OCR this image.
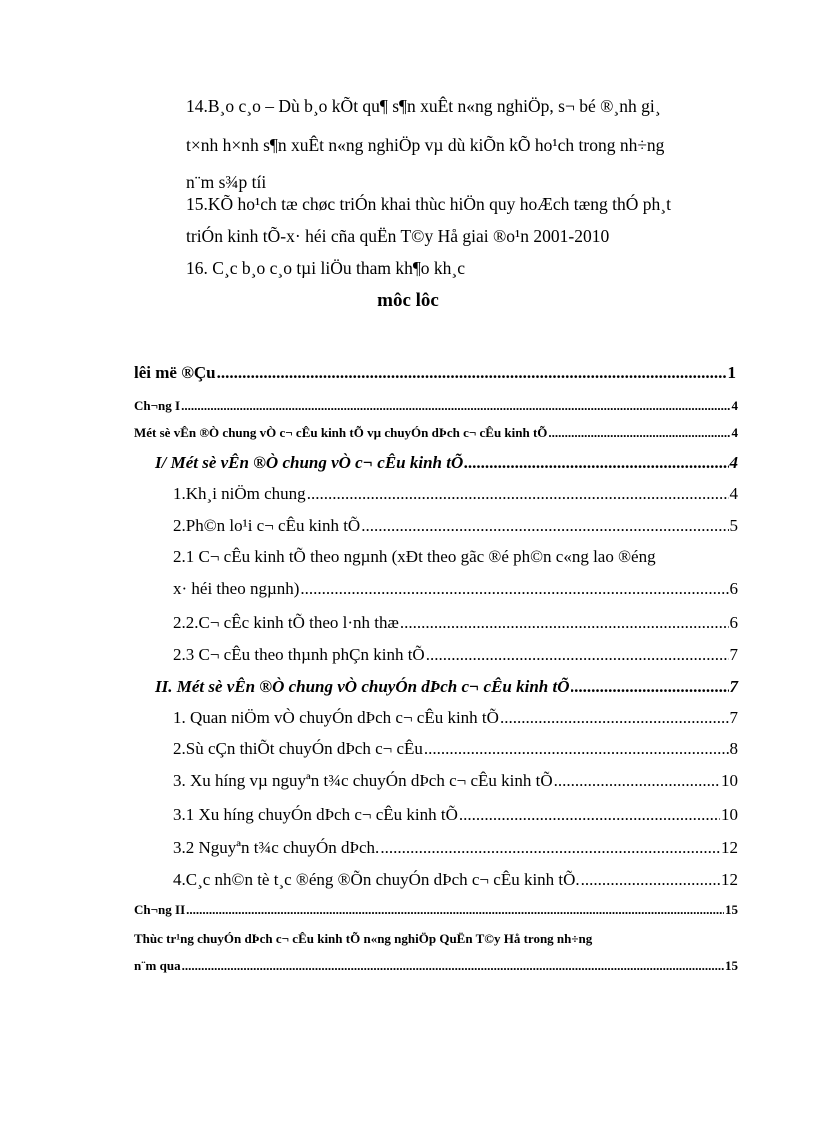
14.B¸o c¸o – Dù b¸o kÕt qu¶ s¶n xuÊt n«ng nghiÖp, s¬ bé ®¸nh gi¸
t×nh h×nh s¶n xuÊt n«ng nghiÖp vµ dù kiÕn kÕ ho¹ch trong nh÷ng
n¨m s¾p tíi
15.KÕ ho¹ch tæ chøc triÓn khai thùc hiÖn quy hoÆch tæng thÓ ph¸t
triÓn kinh tÕ-x· héi cña quËn T©y Hå giai ®o¹n 2001-2010
16. C¸c b¸o c¸o tµi liÖu tham kh¶o kh¸c
môc lôc
lêi më ®Çu .....	1
Ch¬ng I .....	4
Mét sè vÊn ®Ò chung vÒ c¬ cÊu kinh tÕ vµ chuyÓn dÞch c¬ cÊu kinh tÕ .....	4
I/ Mét sè vÊn ®Ò chung vÒ c¬ cÊu kinh tÕ .....	4
1.Kh¸i niÖm chung .....	4
2.Ph©n lo¹i c¬ cÊu kinh tÕ .....	5
2.1 C¬ cÊu kinh tÕ theo ngµnh (xÐt theo gãc ®é ph©n c«ng lao ®éng
x· héi theo ngµnh) .....	6
2.2.C¬ cÊc kinh tÕ theo l·nh thæ .....	6
2.3 C¬ cÊu theo thµnh phÇn kinh tÕ .....	7
II. Mét sè vÊn ®Ò chung vÒ chuyÓn dÞch c¬ cÊu kinh tÕ .....	7
1. Quan niÖm vÒ chuyÓn dÞch c¬ cÊu kinh tÕ .....	7
2.Sù cÇn thiÕt chuyÓn dÞch c¬ cÊu .....	8
3. Xu híng vµ nguyªn t¾c chuyÓn dÞch c¬ cÊu kinh tÕ .....	10
3.1 Xu híng chuyÓn dÞch c¬ cÊu kinh tÕ .....	10
3.2 Nguyªn t¾c chuyÓn dÞch. .....	12
4.C¸c nh©n tè t¸c ®éng ®Õn chuyÓn dÞch c¬ cÊu kinh tÕ. .....	12
Ch¬ng II .....	15
Thùc tr¹ng chuyÓn dÞch c¬ cÊu kinh tÕ n«ng nghiÖp QuËn T©y Hå trong nh÷ng
n¨m qua .....	15
